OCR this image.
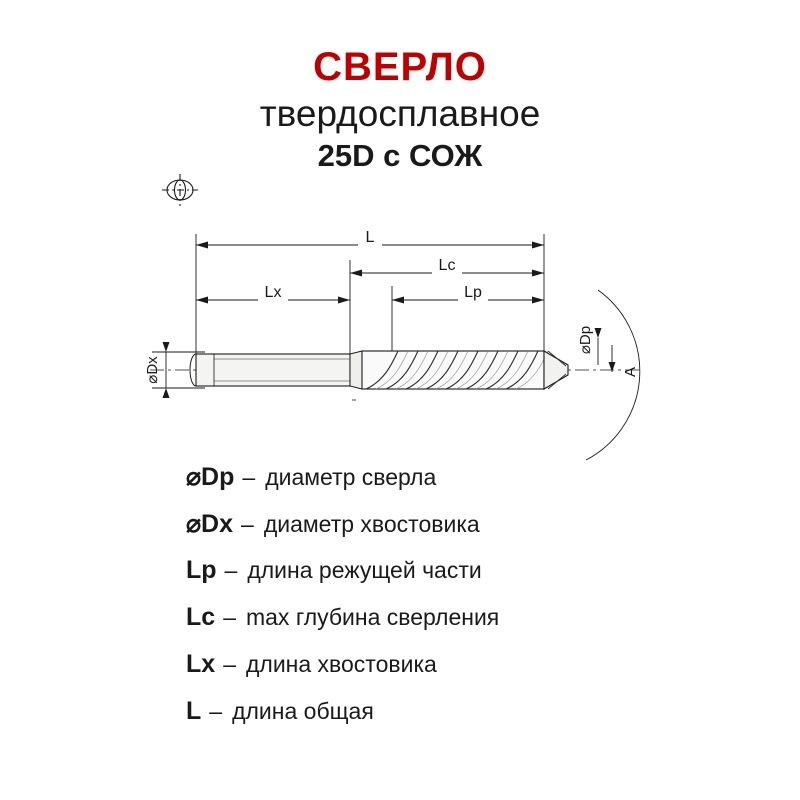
СВЕРЛО
твердосплавное
25D с СОЖ
L
Lc
Lx	Lp
⌀Dx
⌀Dp
A
⌀Dp – диаметр сверла
⌀Dx – диаметр хвостовика
Lp – длина режущей части
Lc – max глубина сверления
Lx – длина хвостовика
L – длина общая
